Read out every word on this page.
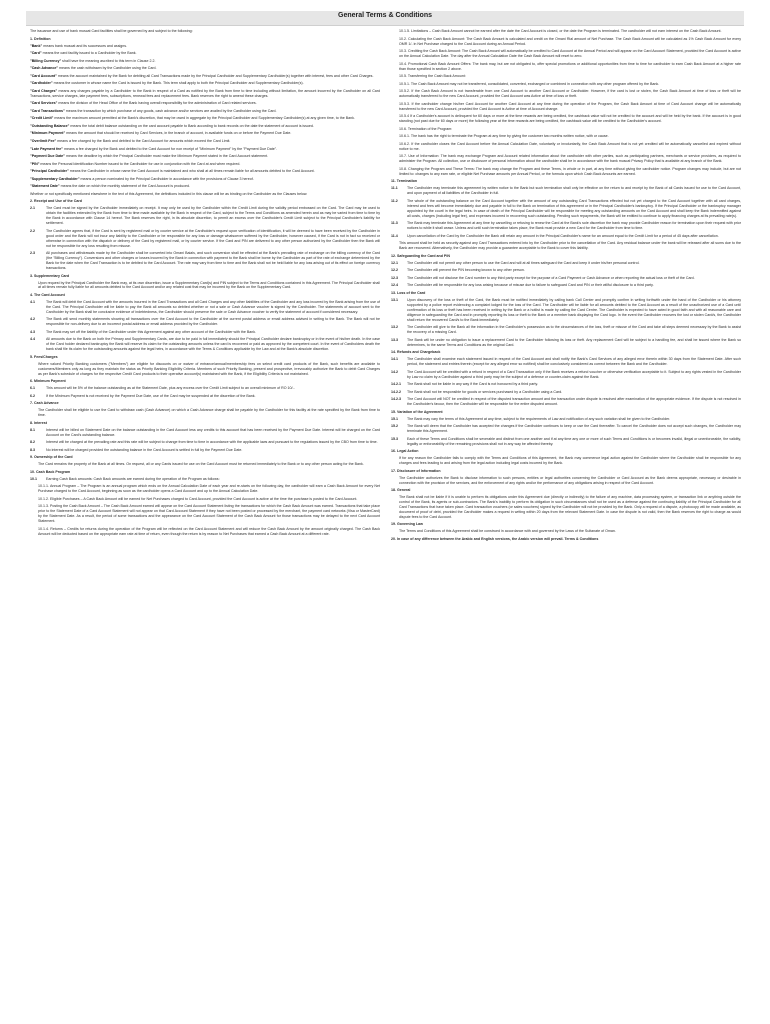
General Terms & Conditions

The issuance and use of bank muscat Card facilities shall be governed by and subject to the following:

1. Definition

"Bank" means bank muscat and its successors and assigns.

"Card" means the card facility issued to a Cardholder by the Bank.

"Billing Currency" shall have the meaning ascribed to this term in Clause 2.2.

"Cash Advance" means the cash withdrawn by the Cardholder using the Card.

"Card Account" means the account maintained by the Bank for debiting all Card Transactions made by the Principal Cardholder and Supplementary Cardholder(s) together with interest, fees and other Card Charges.

"Cardholder" means the customer in whose name the Card is issued by the Bank. This term shall apply to both the Principal Cardholder and Supplementary Cardholder(s).

"Card Charges" means any charges payable by a Cardholder to the Bank in respect of a Card as notified by the Bank from time to time including without limitation, the amount incurred by the Cardholder on all Card Transactions, service charges, late payment fees, subscriptions, renewal fees and replacement fees. Bank reserves the right to amend these charges.

"Card Services" means the division of the Head Office of the Bank having overall responsibility for the administration of Card related services.

"Card Transactions" means the transaction by which purchase of any goods, cash advance and/or services are availed by the Cardholder using the Card.

"Credit Limit" means the maximum amount permitted at the Bank's discretion, that may be owed in aggregate by the Principal Cardholder and Supplementary Cardholder(s) at any given time, to the Bank.

"Outstanding Balance" means the total debit balance outstanding on the card account payable to Bank according to bank records on the date the statement of account is issued.

"Minimum Payment" means the amount that should be received by Card Services, in the branch of account, in available funds on or before the Payment Due Date.

"Overlimit Fee" means a fee charged by the Bank and debited to the Card Account for amounts which exceed the Card Limit.

"Late Payment fee" means a fee charged by the Bank and debited to the Card Account for non receipt of "Minimum Payment" by the "Payment Due Date".

"Payment Due Date" means the deadline by which the Principal Cardholder must make the Minimum Payment stated in the Card Account statement.

"PIN" means the Personal Identification Number issued to the Cardholder for use in conjunction with the Card at and when required.

"Principal Cardholder" means the Cardholder in whose name the Card Account is maintained and who shall at all times remain liable for all amounts debited to the Card Account.

"Supplementary Cardholder" means a person nominated by the Principal Cardholder in accordance with the provisions of Clause 3 hereof.

"Statement Date" means the date on which the monthly statement of the Card Account is produced.

Whether or not specifically mentioned elsewhere in the text of this Agreement, the definitions included in this clause will be as binding on the Cardholder as the Clauses below.

2. Receipt and Use of the Card
2.1	The Card must be signed by the Cardholder immediately on receipt. It may only be used by the Cardholder within the Credit Limit during the validity period embossed on the Card. The Card may be used to obtain the facilities extended by the Bank from time to time made available by the Bank in respect of the Card, subject to the Terms and Conditions as amended herein and as may be varied from time to time by the Bank in accordance with Clause 14 hereof. The Bank reserves the right, in its absolute discretion, to permit an excess over the Cardholder's Credit Limit subject to the Principal Cardholder's liability for settlement.
2.2	The Cardholder agrees that, if the Card is sent by registered mail or by courier service at the Cardholder's request upon verification of identification, it will be deemed to have been received by the Cardholder in good order and the Bank will not incur any liability to the Cardholder or be responsible for any loss or damage whatsoever suffered by the Cardholder, however caused, if the Card is not in fact so received or otherwise in connection with the dispatch or delivery of the Card by registered mail, or by courier service. If the Card and PIN are delivered to any other person authorized by the Cardholder then the Bank will not be responsible for any loss resulting from misuse.
2.3	All purchases and withdrawals made by the Cardholder shall be converted into Omani Baials, and such conversion shall be effected at the Bank's prevailing rate of exchange on the billing currency of the Card (the "Billing Currency"). Conversions and other charges or losses incurred by the Bank in connection with payment to the Bank shall be borne by the Cardholder as part of the rate of exchange determined by the Bank for the date when the Card Transaction is to be debited to the Card Account. The rate may vary from time to time and the Bank shall not be held liable for any loss arising out of its effect on foreign currency transactions.
3. Supplementary Card

Upon request by the Principal Cardholder the Bank may, at its own discretion, issue a Supplementary Card(s) and PIN subject to the Terms and Conditions contained in this Agreement. The Principal Cardholder shall at all times remain fully liable for all amounts debited to the Card Account and/or any related cost that may be incurred by the Bank on the Supplementary Card.

4. The Card Account
4.1	The Bank will debit the Card Account with the amounts incurred in the Card Transactions and all Card Charges and any other liabilities of the Cardholder and any loss incurred by the Bank arising from the use of the Card. The Principal Cardholder will be liable to pay the Bank all amounts so debited whether or not a sale or Cash Advance voucher is signed by the Cardholder. The statements of account sent to the Cardholder by the Bank shall be conclusive evidence of indebtedness, the Cardholder should preserve the sale or Cash Advance voucher to verify the statement of account if considered necessary.
4.2	The Bank will send monthly statements showing all transactions over the Card Account to the Cardholder at the current postal address or email address advised in writing to the Bank. The Bank will not be responsible for non-delivery due to an incorrect postal address or email address provided by the Cardholder.
4.3	The Bank may set off the liability of the Cardholder under this Agreement against any other account of the Cardholder with the Bank.
4.4	All amounts due to the Bank on both the Primary and Supplementary Cards, are due to be paid in full immediately should the Principal Cardholder declare bankruptcy or in the event of his/her death. In the case of the Card holder declared bankruptcy the Bank will reserve its claim for the outstanding amounts unless the card is recovered or paid as approved by the competent court. In the event of Cardholders death the bank shall file its claim for the outstanding amounts against the legal heirs, in accordance with the Terms & Conditions applicable by the Law and at the Bank's absolute discretion.
5. Fees/Charges

Where valued Priority Banking customers ("Members") are eligible for discounts on or waiver of entrance/annual/membership fees on select credit card products of the Bank, such benefits are available to customers/Members only as long as they maintain the status as Priority Banking Eligibility Criteria. Members of such Priority Banking, present and prospective, irrevocably authorize the Bank to debit Card Charges as per Bank's schedule of charges for the respective Credit Card products to their operative account(s) maintained with the Bank, if the Eligibility Criteria is not maintained.

6. Minimum Payment
6.1	This amount will be 5% of the balance outstanding as at the Statement Date, plus any excess over the Credit Limit subject to an overall minimum of RO 10/-.
6.2	If the Minimum Payment is not received by the Payment Due Date, use of the Card may be suspended at the discretion of the Bank.
7. Cash Advance

The Cardholder shall be eligible to use the Card to withdraw cash (Cash Advance) on which a Cash Advance charge shall be payable by the Cardholder for this facility at the rate specified by the Bank from time to time.

8. Interest
8.1	Interest will be billed on Statement Date on the balance outstanding in the Card Account less any credits to this account that has been received by the Payment Due Date. Interest will be charged on the Card Account on the Card's outstanding balance.
8.2	Interest will be charged at the prevailing rate and this rate will be subject to change from time to time in accordance with the applicable laws and pursuant to the regulations issued by the CBO from time to time.
8.3	No interest will be charged provided the outstanding balance in the Card Account is settled in full by the Payment Due Date.
9. Ownership of the Card

The Card remains the property of the Bank at all times. On request, all or any Cards issued for use on the Card Account must be returned immediately to the Bank or to any other person acting for the Bank.

10. Cash Back Program
10.1	Earning Cash Back amounts: Cash Back amounts are earned during the operation of the Program as follows:

10.1.1. Annual Program – The Program is an annual program which ends on the Annual Calculation Date of each year and re-starts on the following day, the cardholder will earn a Cash Back Amount for every Net Purchase charged to the Card Account, beginning as soon as the cardholder opens a Card Account and up to the Annual Calculation Date.

10.1.2. Eligible Purchases – A Cash Back Amount will be earned for Net Purchases charged to Card Account, provided the Card Account is active at the time the purchase is posted to the Card Account.

10.1.3. Posting the Cash Back Amount – The Cash Back Amount earned will appear on the Card Account Statement listing the transactions for which the Cash Back Amount was earned. Transactions that take place prior to the Statement Date of a Card Account Statement will not appear on that Card Account Statement if they have not been posted or processed by the merchant, the payment card networks (Visa or MasterCard) by the Statement Date. As a result, the period of some transactions and the appearance on the Card Account Statement of the Cash Back Amount for those transactions may be delayed to the next Card Account Statement.

10.1.4. Returns – Credits for returns during the operation of the Program will be reflected on the Card Account Statement and will reduce the Cash Back Amount by the amount originally charged. The Cash Back Amount will be deducted based on the appropriate earn rate at time of return, even though the return is by reason to Net Purchases that earned a Cash Back Amount at a different rate.

10.1.5. Limitations – Cash Back Amount cannot be earned after the date the Card Account is closed, or the date the Program is terminated. The cardholder will not earn interest on the Cash Back Amount.

10.2. Calculating the Cash Back Amount: The Cash Back Amount is calculated and credit on the Omani Rial amount of Net Purchase. The Cash Back Amount will be calculated as 1% Cash Back Amount for every OMR 1/- in Net Purchase charged to the Card Account during an Annual Period.

10.3. Crediting the Cash Back Amount: The Cash Back Amount will automatically be credited to Card Account at the Annual Period and will appear on the Card Account Statement, provided the Card Account is active on the Annual Calculation Date. The day after the Annual Calculation Date the Cash Back Amount will reset to zero.

10.4. Promotional Cash Back Amount Offers: The bank may, but are not obligated to, offer special promotions or additional opportunities from time to time for cardholder to earn Cash Back Amount at a higher rate than those specified in section 2 above.

10.5. Transferring the Cash Back Amount:

10.5.1. The Cash Back Amount may not be transferred, consolidated, converted, exchanged or combined in connection with any other program offered by the Bank.

10.5.2. If the Cash Back Amount is not transferable from one Card Account to another Card Account or Cardholder. However, if the card is lost or stolen, the Cash Back Amount at time of loss or theft will be automatically transferred to the new Card Account, provided the Card Account was Active at time of loss or theft.

10.5.3. If the cardholder change his/her Card Account for another Card Account at any time during the operation of the Program, the Cash Back Amount at time of Card Account change will be automatically transferred to the new Card Account, provided the Card Account is Active at time of Account change.

10.5.4 If a Cardholder's account is delinquent for 60 days or more at the time rewards are being credited, the cashback value will not be credited to the account and will be held by the bank. If the account is in good standing (not past due for 60 days or more) the following year at the time rewards are being credited, the cashback value will be credited to the Cardholder's account.

10.6. Termination of the Program:

10.6.1. The bank has the right to terminate the Program at any time by giving the customer two months written notice, with or cause.

10.6.2. If the cardholder closes the Card Account before the Annual Calculation Date, voluntarily or involuntarily, the Cash Back Amount that is not yet credited will be automatically cancelled and expired without notice to me.

10.7. Use of Information: The bank may exchange Program and Account related information about the cardholder with other parties, such as participating partners, merchants or service providers, as required to administer the Program. All collection, use or disclosure of personal information about the cardholder shall be in accordance with the bank muscat Privacy Policy that is available at any branch of the Bank.

10.8. Changing the Program and These Terms: The bank may change the Program and these Terms, in whole or in part, at any time without giving the cardholder notice. Program changes may include, but are not limited to: changes to any earn rate, or eligible Net Purchase amounts per Annual Period, or the formula upon which Cash Back Amounts are earned.

11. Termination
11.1	The Cardholder may terminate this agreement by written notice to the Bank but such termination shall only be effective on the return to and receipt by the Bank of all Cards issued for use to the Card Account, and upon payment of all liabilities of the Cardholder in full.
11.2	The whole of the outstanding balance on the Card Account together with the amount of any outstanding Card Transactions effected but not yet charged to the Card Account together with all card charges, interest and fees will become immediately due and payable in full to the Bank on termination of this agreement or in the Principal Cardholder's bankruptcy. If the Principal Cardholder or the bankruptcy manager appointed by the court/ in the legal heirs. In case of death of the Principal Cardholder will be responsible for meeting any outstanding amounts on the Card Account and shall keep the Bank indemnified against all costs, charges (including legal fee), and expenses incurred in recovering such outstanding. Pending such repayments, the Bank will be entitled to continue to apply financing charges at its prevailing rate(s).
11.3	The Bank may terminate this Agreement at any time by cancelling or refusing to renew the Card at the Bank's sole discretion the bank may provide Cardholder reason for termination upon their request with prior notices to while it shall cease. Unless and until such termination takes place, the Bank must provide a new Card for the Cardholder from time to time.
11.4	Upon cancellation of the Card by the Cardholder the Bank will retain any amount in the Principal Cardholder's name for an amount equal to the Credit Limit for a period of 45 days after cancellation.

This amount shall be held as security against any Card Transactions entered into by the Cardholder prior to the cancellation of the Card. Any residual balance under the bank will be released after all sums due to the Bank are recovered. Alternatively, the Cardholder may provide a guarantee acceptable to the Bank to cover this liability.

12. Safeguarding the Card and PIN
12.1	The Cardholder will not permit any other person to use the Card and will at all times safeguard the Card and keep it under his/her personal control.
12.2	The Cardholder will prevent the PIN becoming known to any other person.
12.3	The Cardholder will not disclose the Card number to any third party except for the purpose of a Card Payment or Cash Advance or when reporting the actual loss or theft of the Card.
12.4	The Cardholder will be responsible for any loss arising because of misuse due to failure to safeguard Card and PIN or their willful disclosure to a third party.
13. Loss of the Card
13.1	Upon discovery of the loss or theft of the Card, the Bank must be notified immediately by calling bank Call Center and promptly confirm in writing forthwith under the hand of the Cardholder or his attorney supported by a police report evidencing a complaint lodged for the loss of the Card. The Cardholder will be liable for all amounts debited to the Card Account as a result of the unauthorized use of a Card until confirmation of its loss or theft has been received in writing by the Bank or a hotlist is made by calling the Card Centre. The Cardholder is expected to have acted in good faith and with all reasonable care and diligence in safeguarding the Card and in promptly reporting its loss or theft to the Bank or a member bank displaying the Card logo. In the event the Cardholder recovers the lost or stolen Card/s, the Cardholder shall return the recovered Card/s to the Bank immediately.
13.2	The Cardholder will give to the Bank all the information in the Cardholder's possession as to the circumstances of the loss, theft or misuse of the Card and take all steps deemed necessary by the Bank to assist the recovery of a missing Card.
13.3	The Bank will be under no obligation to issue a replacement Card to the Cardholder following its loss or theft. Any replacement Card will be subject to a handling fee, and shall be issued where the Bank so determines, to the same Terms and Conditions as the original Card.
14. Refunds and Chargeback
14.1	The Cardholder shall examine each statement issued in respect of the Card Account and shall notify the Bank's Card Services of any alleged error therein within 30 days from the Statement Date. After such period, the statement and entries therein (except for any alleged error so notified) shall be conclusively considered as correct between the Bank and the Cardholder.
14.2	The Card Account will be credited with a refund in respect of a Card Transaction only if the Bank receives a refund voucher or otherwise verification acceptable to it. Subject to any rights vested in the Cardholder by Law no claim by a Cardholder against a third party may be the subject of a defense or counter-claim against the Bank.
14.2.1	The Bank shall not be liable in any way if the Card is not honoured by a third party.
14.2.2	The Bank shall not be responsible for goods or services purchased by a Cardholder using a Card.
14.2.3	The Card Account will NOT be credited in respect of the disputed transaction amount and the transaction under dispute is resolved after examination of the appropriate evidence. If the dispute is not resolved in the Cardholder's favour, then the Cardholder will be responsible for the entire disputed amount.
15. Variation of the Agreement
15.1	The Bank may vary the terms of this Agreement at any time, subject to the requirements of Law and notification of any such variation shall be given to the Cardholder.
15.2	The Bank will deem that the Cardholder has accepted the changes if the Cardholder continues to keep or use the Card thereafter. To cancel the Cardholder does not accept such changes, the Cardholder may terminate this Agreement.
15.3	Each of these Terms and Conditions shall be severable and distinct from one another and if at any time any one or more of such Terms and Conditions is or becomes invalid, illegal or unenforceable, the validity, legality or enforceability of the remaining provisions shall not in any way be affected thereby.
16. Legal Action

If for any reason the Cardholder fails to comply with the Terms and Conditions of this Agreement, the Bank may commence legal action against the Cardholder where the Cardholder shall be responsible for any charges and fees leading to and arising from the legal action including legal costs incurred by the Bank.

17. Disclosure of Information

The Cardholder authorizes the Bank to disclose information to such persons, entities or legal authorities concerning the Cardholder or Card Account as the Bank deems appropriate, necessary or desirable in connection with the provision of the services, and the enforcement of any rights and/or the performance of any obligations arising in respect of the Card Account.

18. General

The Bank shall not be liable if it is unable to perform its obligations under this Agreement due (directly or indirectly) to the failure of any machine, data processing system, or transaction link or anything outside the control of the Bank, its agents or sub-contractors. The Bank's inability to perform its obligation in such circumstances shall not be used as a defense against the continuing liability of the Principal Cardholder for all Card Transactions that have taken place. Card transaction vouchers (or sales vouchers) signed by the Cardholder will not be provided by the Bank. Only a request of a dispute, a photocopy will be made available, as document of proof of debt, provided the Cardholder makes a request in writing within 20 days from the relevant Statement Date. In case the dispute is not valid, then the Bank reserves the right to charge as would dispute fees to the Card Account.

19. Governing Law

The Terms and Conditions of this Agreement shall be construed in accordance with and governed by the Laws of the Sultanate of Oman.

20. In case of any difference between the Arabic and English versions, the Arabic version will prevail. Terms & Conditions
